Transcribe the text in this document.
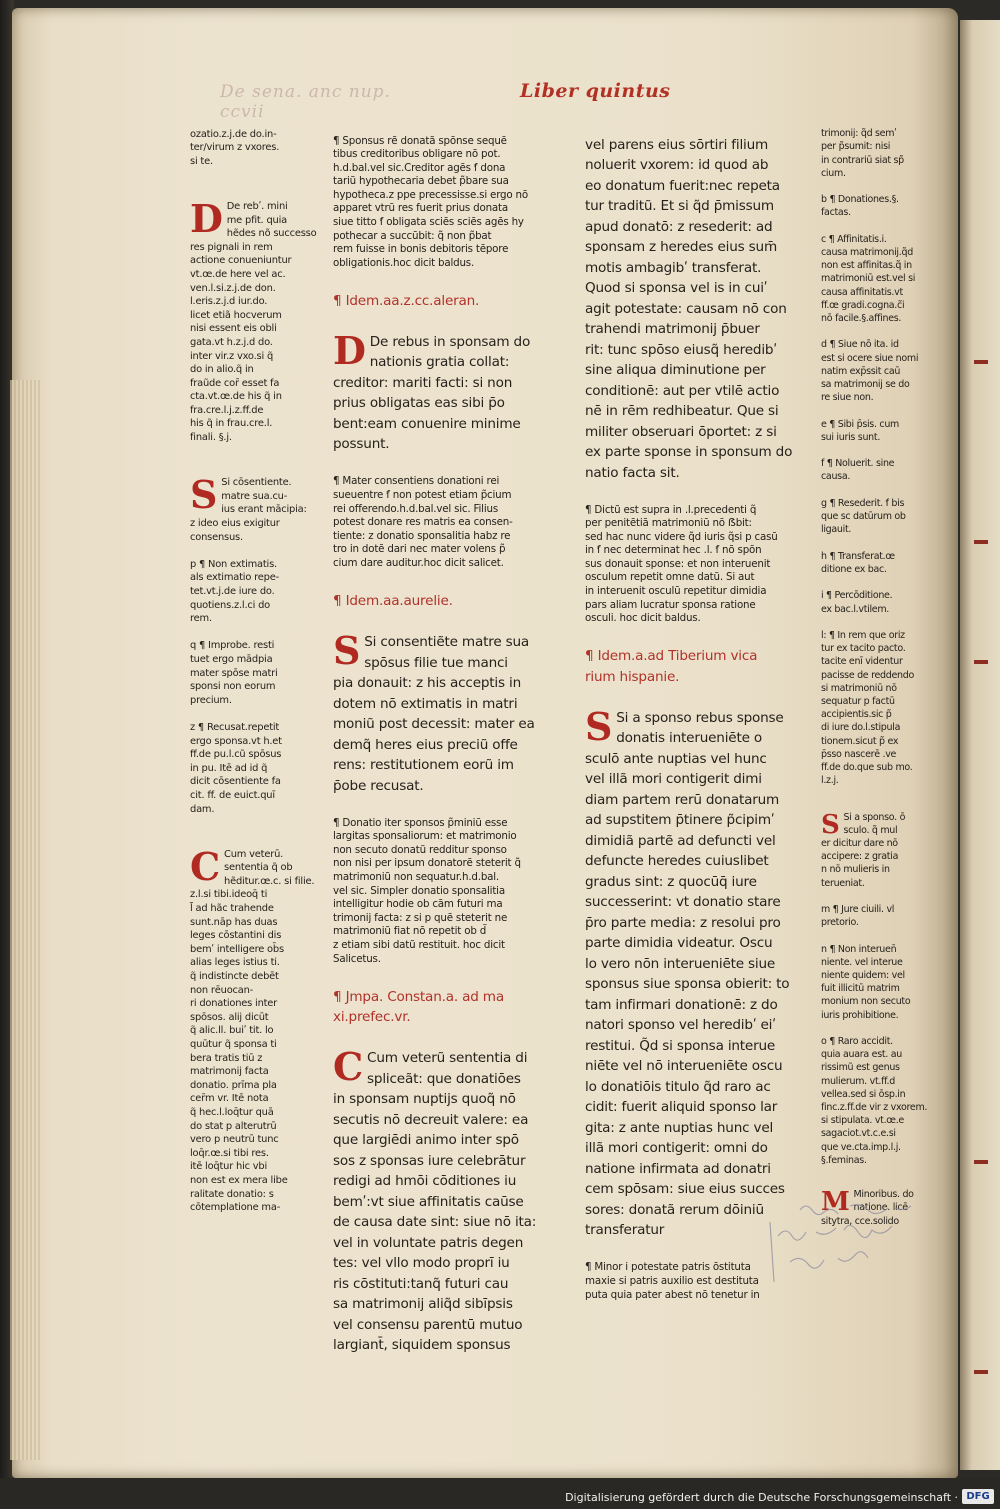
De sena. anc nup. ccvii
Liber quintus

ozatio.z.j.de do.in-
ter/virum z vxores.
si te.

D De rebʹ. mini
me pfit. quia
hẽdes nõ successo
res pignali in rem
actione conueniuntur
vt.œ.de here vel ac.
ven.l.si.z.j.de don.
l.eris.z.j.d iur.do.
licet etiã hocverum
nisi essent eis obli
gata.vt h.z.j.d do.
inter vir.z vxo.si q̃
do in alio.q̃ in
fraũde cor̄ esset fa
cta.vt.œ.de his q̃ in
fra.cre.l.j.z.ff.de
his q̃ in frau.cre.l.
finali. §.j.

S Si cōsentiente.
matre sua.cu-
ius erant mācipia:
z ideo eius exigitur
consensus.

p ¶ Non extimatis.
als extimatio repe-
tet.vt.j.de iure do.
quotiens.z.l.ci do
rem.

q ¶ Improbe. resti
tuet ergo mādpia
mater spōse matri
sponsi non eorum
precium.

z ¶ Recusat.repetit
ergo sponsa.vt h.et
ff.de pu.l.cũ spōsus
in pu. Itē ad id q̃
dicit cōsentiente fa
cit. ff. de euict.quī
dam.

C Cum veterū.
sententia q̃ ob
hẽditur.œ.c. si filie.
z.l.si tibi.ideoq̄ ti
l̃ ad hãc trahende
sunt.nāp has duas
leges cōstantini dis
bemʹ intelligere ob̄s
alias leges istius ti.
q̃ indistincte debēt
non rēuocan-
ri donationes inter
spōsos. alij dicūt
q̃ alic.ll. buiʹ tit. lo
quūtur q̃ sponsa ti
bera tratis tiū z
matrimonij facta
donatio. prīma pla
cer̄m vr. Itē nota
q̃ hec.l.loq̄tur quā
do stat p alterutrū
vero p neutrū tunc
loq̄r.œ.si tibi res.
itē loq̄tur hic vbi
non est ex mera libe
ralitate donatio: s
cōtemplatione ma-

¶ Sponsus rẽ donatã spōnse sequē
tibus creditoribus obligare nō pot.
h.d.bal.vel sic.Creditor agēs ẝ dona
tariũ hypothecaria debet p̃bare sua
hypotheca.z ppe precessisse.si ergo nō
apparet vtrū res fuerit prius donata
siue titto ẝ obligata sciēs sciēs agēs hy
pothecar a succūbit: q̃ non p̃bat
rem fuisse in bonis debitoris tēpore
obligationis.hoc dicit baldus.

¶ Idem.aa.z.cc.aleran.

D De rebus in sponsam do
nationis gratia collat:
creditor: mariti facti: si non
prius obligatas eas sibi p̄o
bent:eam conuenire minime
possunt.

¶ Mater consentiens donationi rei
sueuentre ẝ non potest etiam p̃cium
rei offerendo.h.d.bal.vel sic. Filius
potest donare res matris ea consen-
tiente: z donatio sponsalitia habz re
tro in dotē dari nec mater volens p̃
cium dare auditur.hoc dicit salicet.

¶ Idem.aa.aurelie.

S Si consentiẽte matre sua
spōsus filie tue manci
pia donauit: z his acceptis in
dotem nō extimatis in matri
moniũ post decessit: mater ea
demq̃ heres eius preciũ offe
rens: restitutionem eorũ im
p̄obe recusat.

¶ Donatio iter sponsos p̃miniū esse
largitas sponsaliorum: et matrimonio
non secuto donatũ redditur sponso
non nisi per ipsum donatorē steterit q̃
matrimoniũ non sequatur.h.d.bal.
vel sic. Simpler donatio sponsalitia
intelligitur hodie ob cām futuri ma
trimonij facta: z si p quē steterit ne
matrimoniũ fiat nō repetit ob d̃
z etiam sibi datũ restituit. hoc dicit
Salicetus.

¶ Jmpa. Constan.a. ad ma
xi.prefec.vr.

C Cum veterũ sententia di
spliceãt: que donatiōes
in sponsam nuptijs quoq̃ nō
secutis nō decreuit valere: ea
que largiēdi animo inter spō
sos z sponsas iure celebrātur
redigi ad hmōi cōditiones iu
bemʹ:vt siue affinitatis caūse
de causa date sint: siue nō ita:
vel in voluntate patris degen
tes: vel vllo modo proprī iu
ris cōstituti:tanq̃ futuri cau
sa matrimonij aliq̃d sibīpsis
vel consensu parentū mutuo
largiant̄, siquidem sponsus

vel parens eius sōrtiri filium
noluerit vxorem: id quod ab
eo donatum fuerit:nec repeta
tur traditũ. Et si q̃d p̄missum
apud donatō: z resederit: ad
sponsam z heredes eius sum̄
motis ambagibʹ transferat.
Quod si sponsa vel is in cuiʹ
agit potestate: causam nō con
trahendi matrimonij p̄buer
rit: tunc spōso eiusq̃ heredibʹ
sine aliqua diminutione per
conditionē: aut per vtilē actio
nē in rēm redhibeatur. Que si
militer obseruari ōportet: z si
ex parte sponse in sponsum do
natio facta sit.

¶ Dictũ est supra in .l.precedenti q̃
per penitētiā matrimoniū nō ẞbit:
sed hac nunc videre q̃d iuris q̃si p casū
in ẝ nec determinat hec .l. ẝ nō spōn
sus donauit sponse: et non interuenit
osculum repetit omne datũ. Si aut
in interuenit osculū repetitur dimidia
pars aliam lucratur sponsa ratione
osculi. hoc dicit baldus.

¶ Idem.a.ad Tiberium vica
rium hispanie.

S Si a sponso rebus sponse
donatis interueniēte o
sculō ante nuptias vel hunc
vel illã mori contigerit dimi
diam partem rerū donatarum
ad supstitem p̄tinere p̃cipimʹ
dimidiã partẽ ad defuncti vel
defuncte heredes cuiuslibet
gradus sint: z quocūq̄ iure
successerint: vt donatio stare
p̄ro parte media: z resolui pro
parte dimidia videatur. Oscu
lo vero nōn interueniēte siue
sponsus siue sponsa obierit: to
tam infirmari donationē: z do
natori sponso vel heredibʹ eiʹ
restitui. Q̃d si sponsa interue
niēte vel nō interueniēte oscu
lo donatiōis titulo q̃d raro ac
cidit: fuerit aliquid sponso lar
gita: z ante nuptias hunc vel
illã mori contigerit: omni do
natione infirmata ad donatri
cem spōsam: siue eius succes
sores: donatã rerum dōiniū
transferatur

¶ Minor i potestate patris ōstituta
maxie si patris auxilio est destituta
puta quia pater abest nō tenetur in

trimonij: q̃d semʹ
per p̃sumit: nisi
in contrariū siat sp̃
cium.

b ¶ Donationes.§.
factas.

c ¶ Affinitatis.i.
causa matrimonij.q̃d
non est affinitas.q̃ in
matrimoniū est.vel si
causa affinitatis.vt
ff.œ gradi.cogna.c̃i
nō facile.§.affines.

d ¶ Siue nō ita. id
est si ocere siue nomi
natim exp̄ssit caū
sa matrimonij se do
re siue non.

e ¶ Sibi p̄sis. cum
sui iuris sunt.

f ¶ Noluerit. sine
causa.

g ¶ Resederit. ẝ bis
que sc datūrum ob
ligauit.

h ¶ Transferat.œ
ditione ex bac.

i ¶ Percōditione.
ex bac.l.vtilem.

l: ¶ In rem que oriz
tur ex tacito pacto.
tacite enī videntur
pacisse de reddendo
si matrimoniū nō
sequatur p factū
accipientis.sic p̃
di iure do.l.stipula
tionem.sicut p̃ ex
p̄sso nascerē .ve
ff.de do.que sub mo.
l.z.j.

S Si a sponso. ō
sculo. q̃ mul
er dicitur dare nō
accipere: z gratia
n nō mulieris in
terueniat.

m ¶ Jure ciuili. vl
pretorio.

n ¶ Non interuen̄
niente. vel interue
niente quidem: vel
fuit illicitū matrim
monium non secuto
iuris prohibitione.

o ¶ Raro accidit.
quia auara est. au
rissimũ est genus
mulierum. vt.ff.d
vellea.sed si ōsp.in
finc.z.ff.de vir z vxorem.
si stipulata. vt.œ.e
sagaciot.vt.c.e.si
que ve.cta.imp.l.j.
§.feminas.

M Minoribus. do
natione. licē
sitytra, cce.solido

Digitalisierung gefördert durch die Deutsche Forschungsgemeinschaft · DFG
